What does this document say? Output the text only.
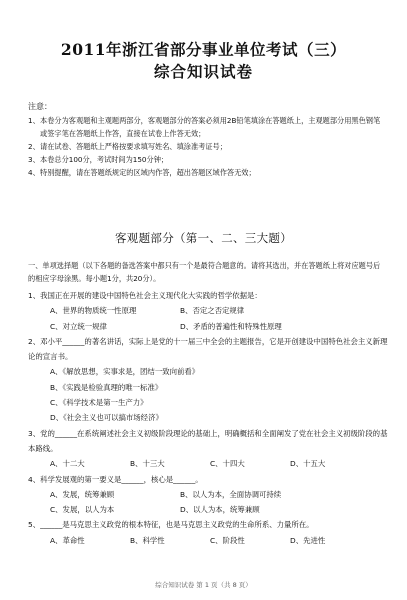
2011年浙江省部分事业单位考试（三）
综合知识试卷
注意：
1、 本卷分为客观题和主观题两部分，客观题部分的答案必须用2B铅笔填涂在答题纸上，主观题部分用黑色钢笔或签字笔在答题纸上作答，直接在试卷上作答无效；
2、 请在试卷、答题纸上严格按要求填写姓名、填涂准考证号；
3、 本卷总分100分，考试时间为150分钟；
4、 特别提醒，请在答题纸规定的区域内作答，超出答题区域作答无效；
客观题部分（第一、二、三大题）
一、单项选择题（以下各题的备选答案中都只有一个是最符合题意的。请将其选出，并在答题纸上将对应题号后的相应字母涂黑。每小题1分，共20分）。
1、我国正在开展的建设中国特色社会主义现代化大实践的哲学依据是：
A、世界的物质统一性原理	B、否定之否定规律
C、对立统一规律	D、矛盾的普遍性和特殊性原理
2、邓小平______的著名讲话，实际上是党的十一届三中全会的主题报告，它是开创建设中国特色社会主义新理论的宣言书。
A、《解放思想，实事求是，团结一致向前看》
B、《实践是检验真理的唯一标准》
C、《科学技术是第一生产力》
D、《社会主义也可以搞市场经济》
3、党的______在系统阐述社会主义初级阶段理论的基础上，明确概括和全面阐发了党在社会主义初级阶段的基本路线。
A、十二大	B、十三大	C、十四大	D、十五大
4、科学发展观的第一要义是______，核心是______。
A、发展，统筹兼顾	B、以人为本，全面协调可持续
C、发展，以人为本	D、以人为本，统筹兼顾
5、______是马克思主义政党的根本特征，也是马克思主义政党的生命所系、力量所在。
A、革命性	B、科学性	C、阶段性	D、先进性
综合知识试卷 第 1 页（共 8 页）
